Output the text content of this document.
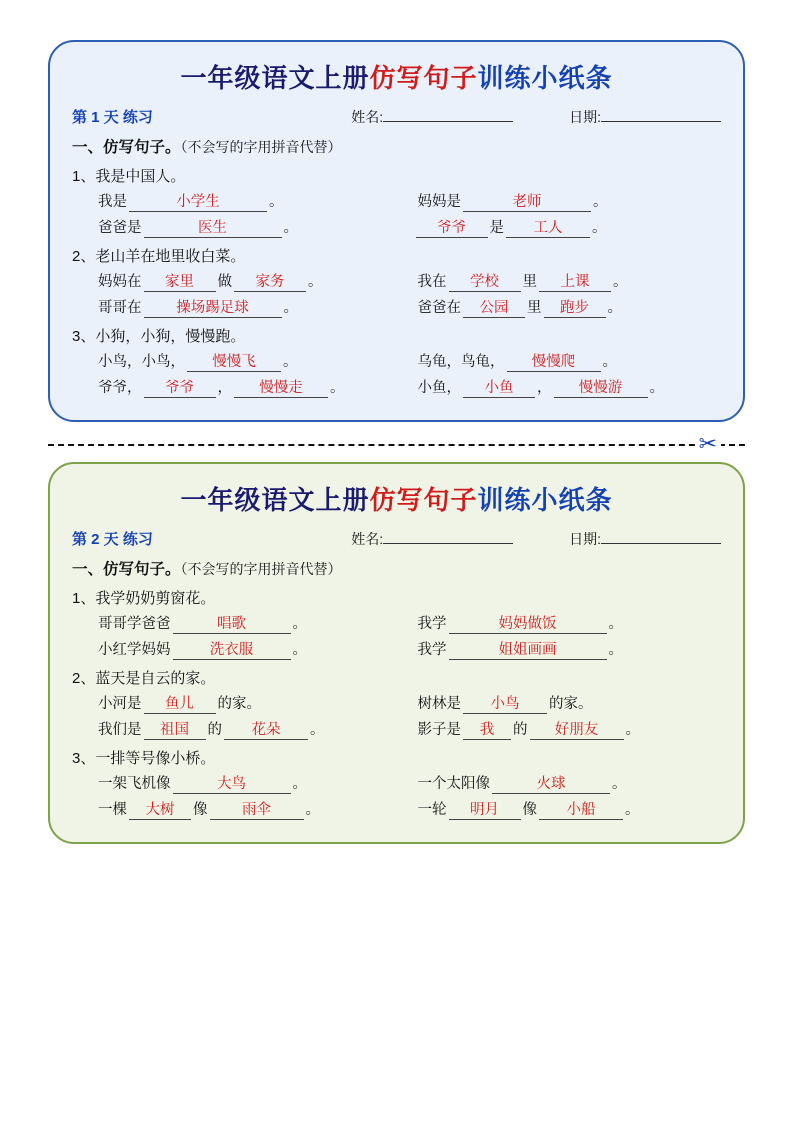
一年级语文上册仿写句子训练小纸条
第 1 天 练习	姓名:	日期:
一、仿写句子。（不会写的字用拼音代替）
1、我是中国人。
我是	小学生	。	妈妈是	老师	。
爸爸是	医生	。	爷爷	是	工人	。
2、老山羊在地里收白菜。
妈妈在	家里	做	家务	。	我在	学校	里	上课	。
哥哥在	操场踢足球	。	爸爸在	公园	里	跑步	。
3、小狗，小狗，慢慢跑。
小鸟，小鸟，	慢慢飞	。	乌龟，鸟龟，	慢慢爬	。
爷爷，	爷爷	，	慢慢走	。	小鱼，	小鱼	，	慢慢游	。
✂
一年级语文上册仿写句子训练小纸条
第 2 天 练习	姓名:	日期:
一、仿写句子。（不会写的字用拼音代替）
1、我学奶奶剪窗花。
哥哥学爸爸	唱歌	。	我学	妈妈做饭	。
小红学妈妈	洗衣服	。	我学	姐姐画画	。
2、蓝天是自云的家。
小河是	鱼儿	的家。	树林是	小鸟	的家。
我们是	祖国	的	花朵	。	影子是	我	的	好朋友	。
3、一排等号像小桥。
一架飞机像	大鸟	。	一个太阳像	火球	。
一棵	大树	像	雨伞	。	一轮	明月	像	小船	。
